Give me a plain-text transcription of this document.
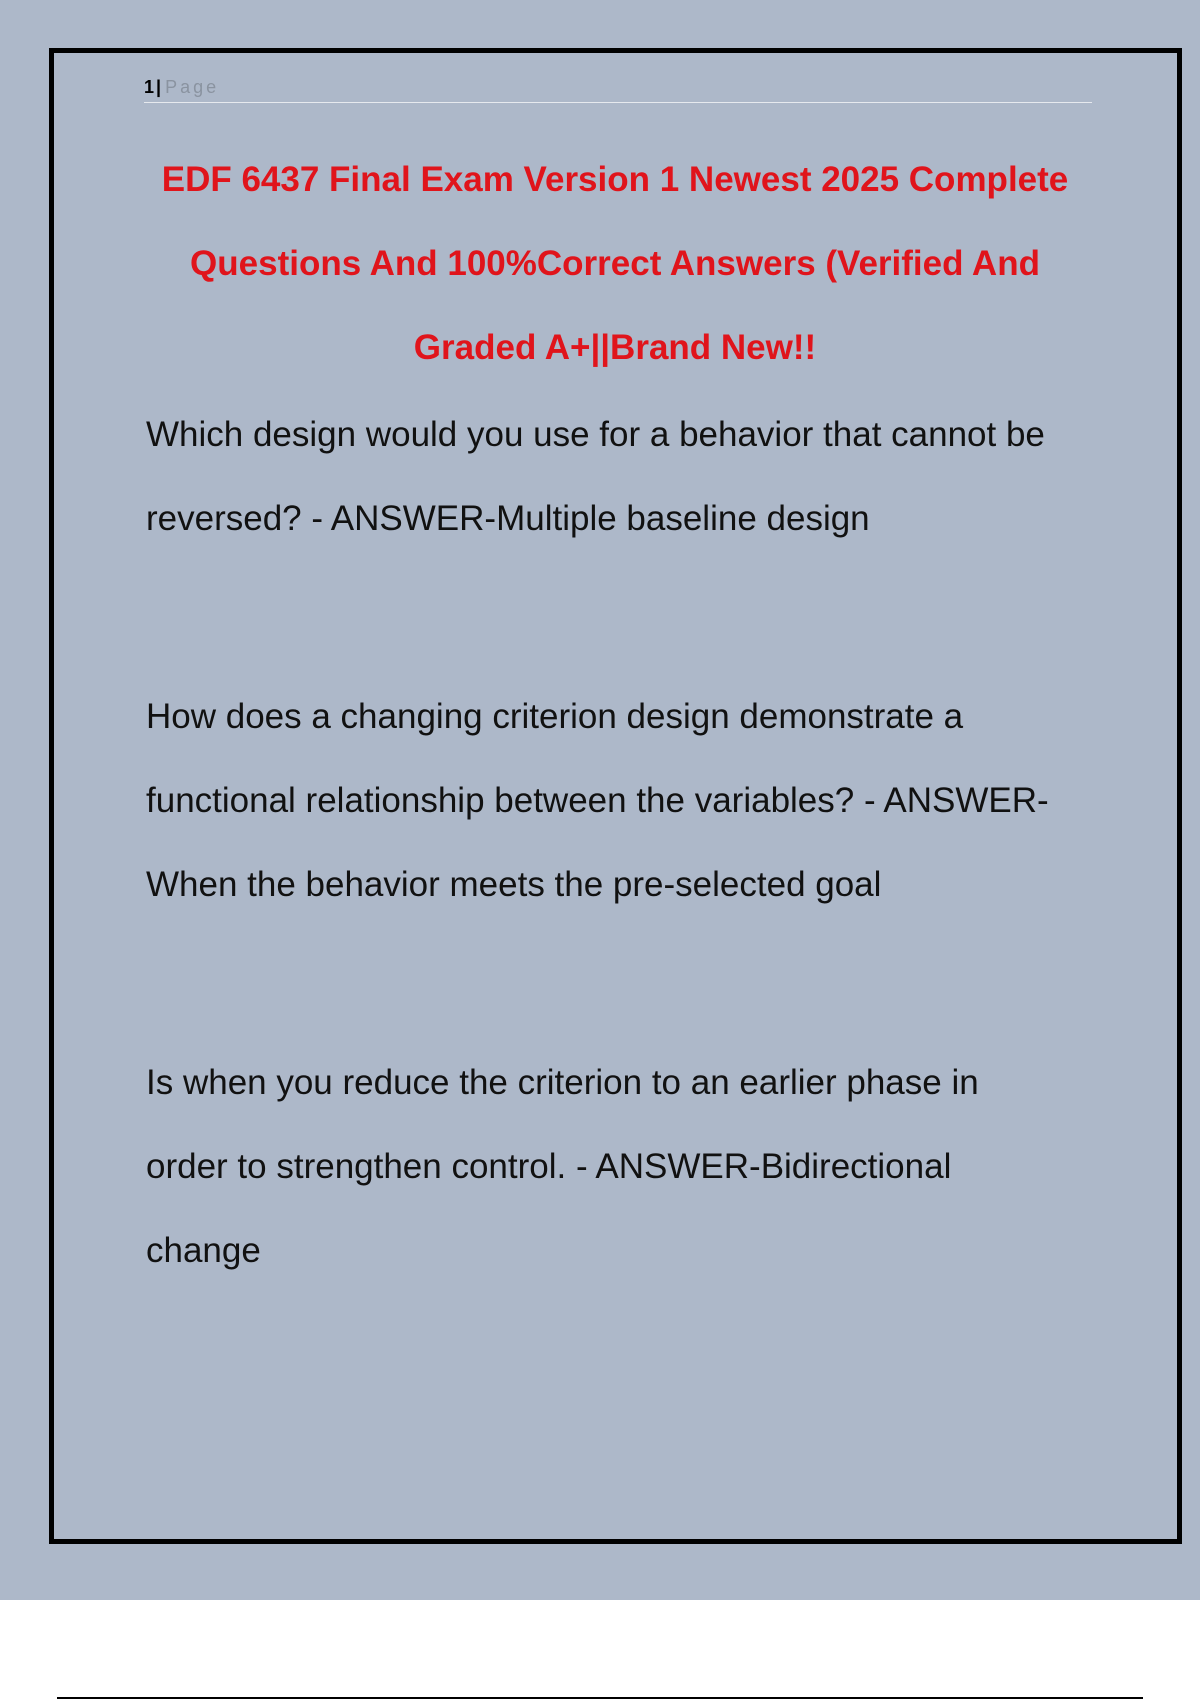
1 | Page
EDF 6437 Final Exam Version 1 Newest 2025 Complete
Questions And 100%Correct Answers (Verified And
Graded A+||Brand New!!

Which design would you use for a behavior that cannot be
reversed? - ANSWER-Multiple baseline design

How does a changing criterion design demonstrate a
functional relationship between the variables? - ANSWER-
When the behavior meets the pre-selected goal

Is when you reduce the criterion to an earlier phase in
order to strengthen control. - ANSWER-Bidirectional
change
